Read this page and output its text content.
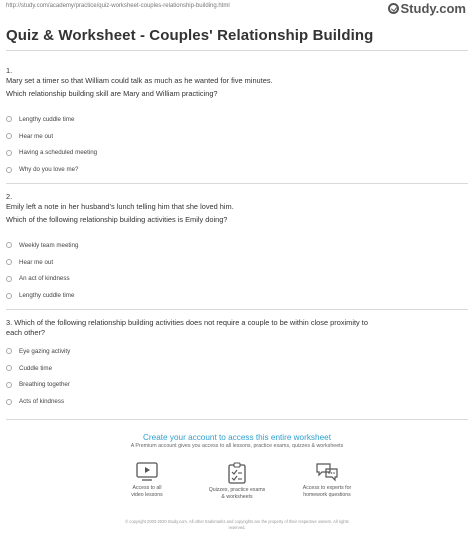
http://study.com/academy/practice/quiz-worksheet-couples-relationship-building.html	Study.com
Quiz & Worksheet - Couples' Relationship Building
1.
Mary set a timer so that William could talk as much as he wanted for five minutes.
Which relationship building skill are Mary and William practicing?
Lengthy cuddle time
Hear me out
Having a scheduled meeting
Why do you love me?
2.
Emily left a note in her husband's lunch telling him that she loved him.
Which of the following relationship building activities is Emily doing?
Weekly team meeting
Hear me out
An act of kindness
Lengthy cuddle time
3. Which of the following relationship building activities does not require a couple to be within close proximity to
each other?
Eye gazing activity
Cuddle time
Breathing together
Acts of kindness
Create your account to access this entire worksheet
A Premium account gives you access to all lessons, practice exams, quizzes & worksheets
Access to all
video lessons
Quizzes, practice exams
& worksheets
Access to experts for
homework questions
© copyright 2003-2020 Study.com. All other trademarks and copyrights are the property of their respective owners. All rights
reserved.
